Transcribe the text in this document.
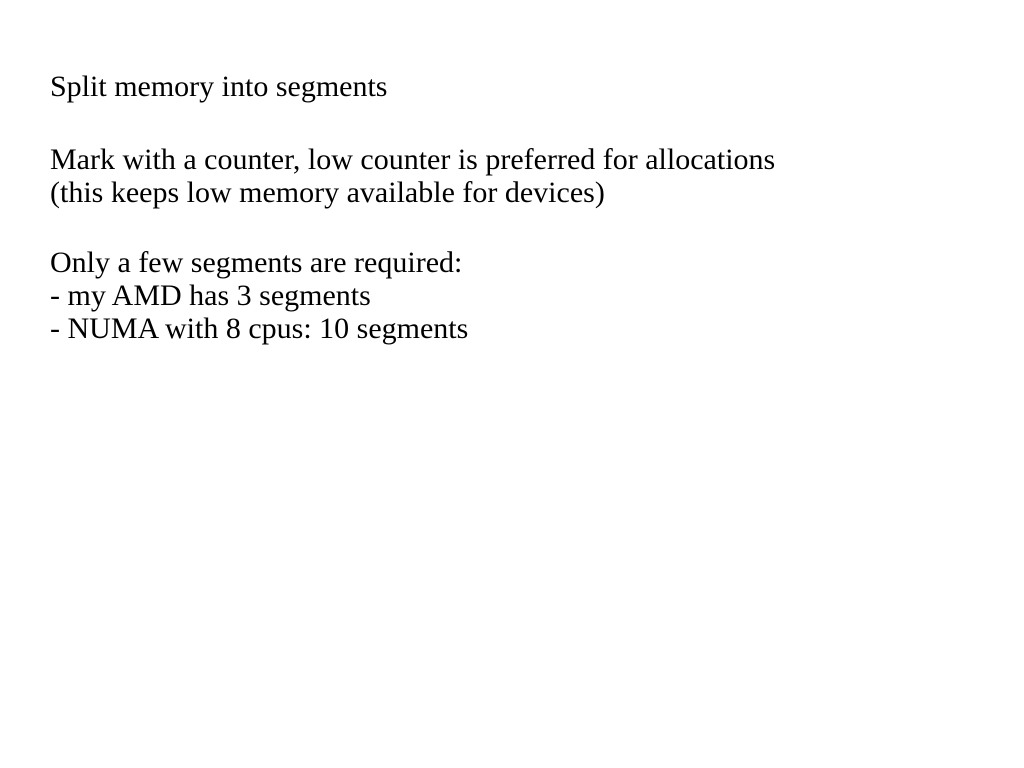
Split memory into segments

Mark with a counter, low counter is preferred for allocations
(this keeps low memory available for devices)

Only a few segments are required:
- my AMD has 3 segments
- NUMA with 8 cpus: 10 segments
